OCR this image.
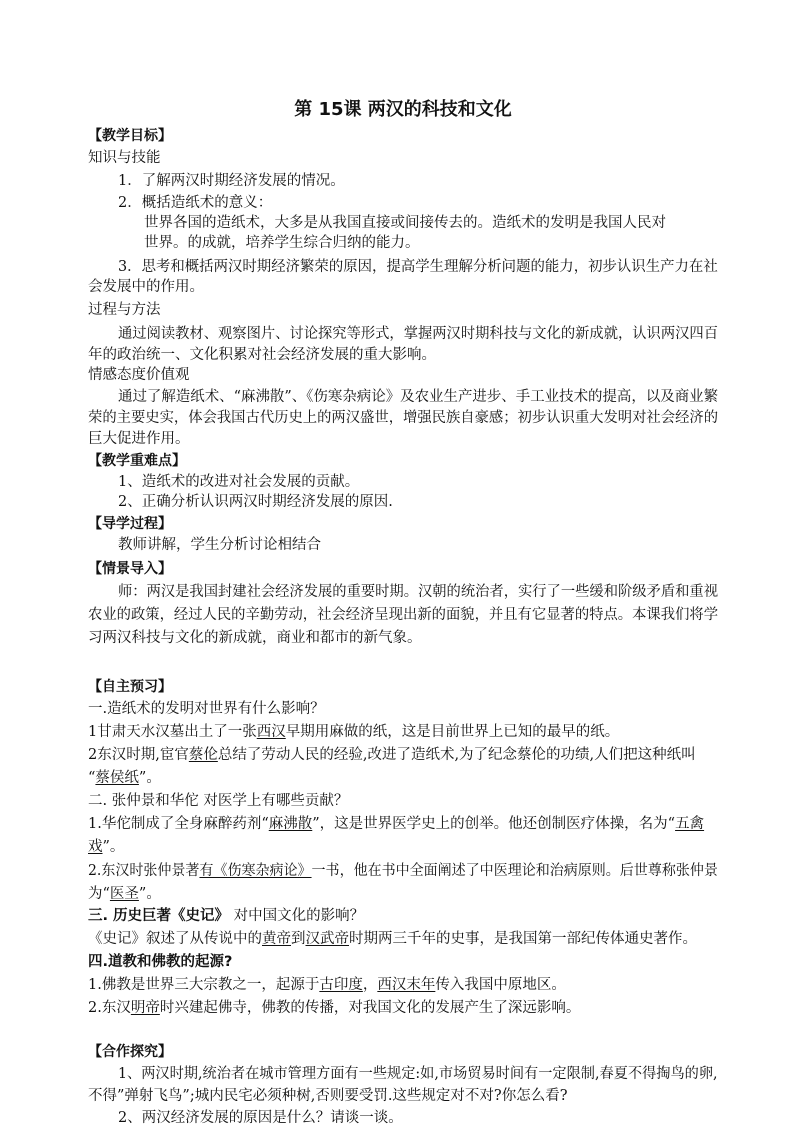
第 15课 两汉的科技和文化
【教学目标】
知识与技能
1．了解两汉时期经济发展的情况。
2．概括造纸术的意义：
世界各国的造纸术，大多是从我国直接或间接传去的。造纸术的发明是我国人民对
世界。的成就，培养学生综合归纳的能力。
3．思考和概括两汉时期经济繁荣的原因，提高学生理解分析问题的能力，初步认识生产力在社
会发展中的作用。
过程与方法
通过阅读教材、观察图片、讨论探究等形式，掌握两汉时期科技与文化的新成就，认识两汉四百
年的政治统一、文化积累对社会经济发展的重大影响。
情感态度价值观
通过了解造纸术、“麻沸散”、《伤寒杂病论》及农业生产进步、手工业技术的提高，以及商业繁
荣的主要史实，体会我国古代历史上的两汉盛世，增强民族自豪感；初步认识重大发明对社会经济的
巨大促进作用。
【教学重难点】
1、造纸术的改进对社会发展的贡献。
2、正确分析认识两汉时期经济发展的原因.
【导学过程】
教师讲解，学生分析讨论相结合
【情景导入】
师：两汉是我国封建社会经济发展的重要时期。汉朝的统治者，实行了一些缓和阶级矛盾和重视
农业的政策，经过人民的辛勤劳动，社会经济呈现出新的面貌，并且有它显著的特点。本课我们将学
习两汉科技与文化的新成就，商业和都市的新气象。
【自主预习】
一.造纸术的发明对世界有什么影响？
1甘肃天水汉墓出土了一张西汉早期用麻做的纸，这是目前世界上已知的最早的纸。
2东汉时期,宦官蔡伦总结了劳动人民的经验,改进了造纸术,为了纪念蔡伦的功绩,人们把这种纸叫
“蔡侯纸”。
二. 张仲景和华佗 对医学上有哪些贡献？
1.华佗制成了全身麻醉药剂“麻沸散”，这是世界医学史上的创举。他还创制医疗体操，名为“五禽
戏”。
2.东汉时张仲景著有《伤寒杂病论》一书，他在书中全面阐述了中医理论和治病原则。后世尊称张仲景
为“医圣”。
三. 历史巨著《史记》 对中国文化的影响？
《史记》叙述了从传说中的黄帝到汉武帝时期两三千年的史事，是我国第一部纪传体通史著作。
四.道教和佛教的起源?
1.佛教是世界三大宗教之一，起源于古印度，西汉末年传入我国中原地区。
2.东汉明帝时兴建起佛寺，佛教的传播，对我国文化的发展产生了深远影响。
【合作探究】
1、两汉时期,统治者在城市管理方面有一些规定:如,市场贸易时间有一定限制,春夏不得掏鸟的卵,
不得”弹射飞鸟”;城内民宅必须种树,否则要受罚.这些规定对不对?你怎么看?
2、两汉经济发展的原因是什么？请谈一谈。
